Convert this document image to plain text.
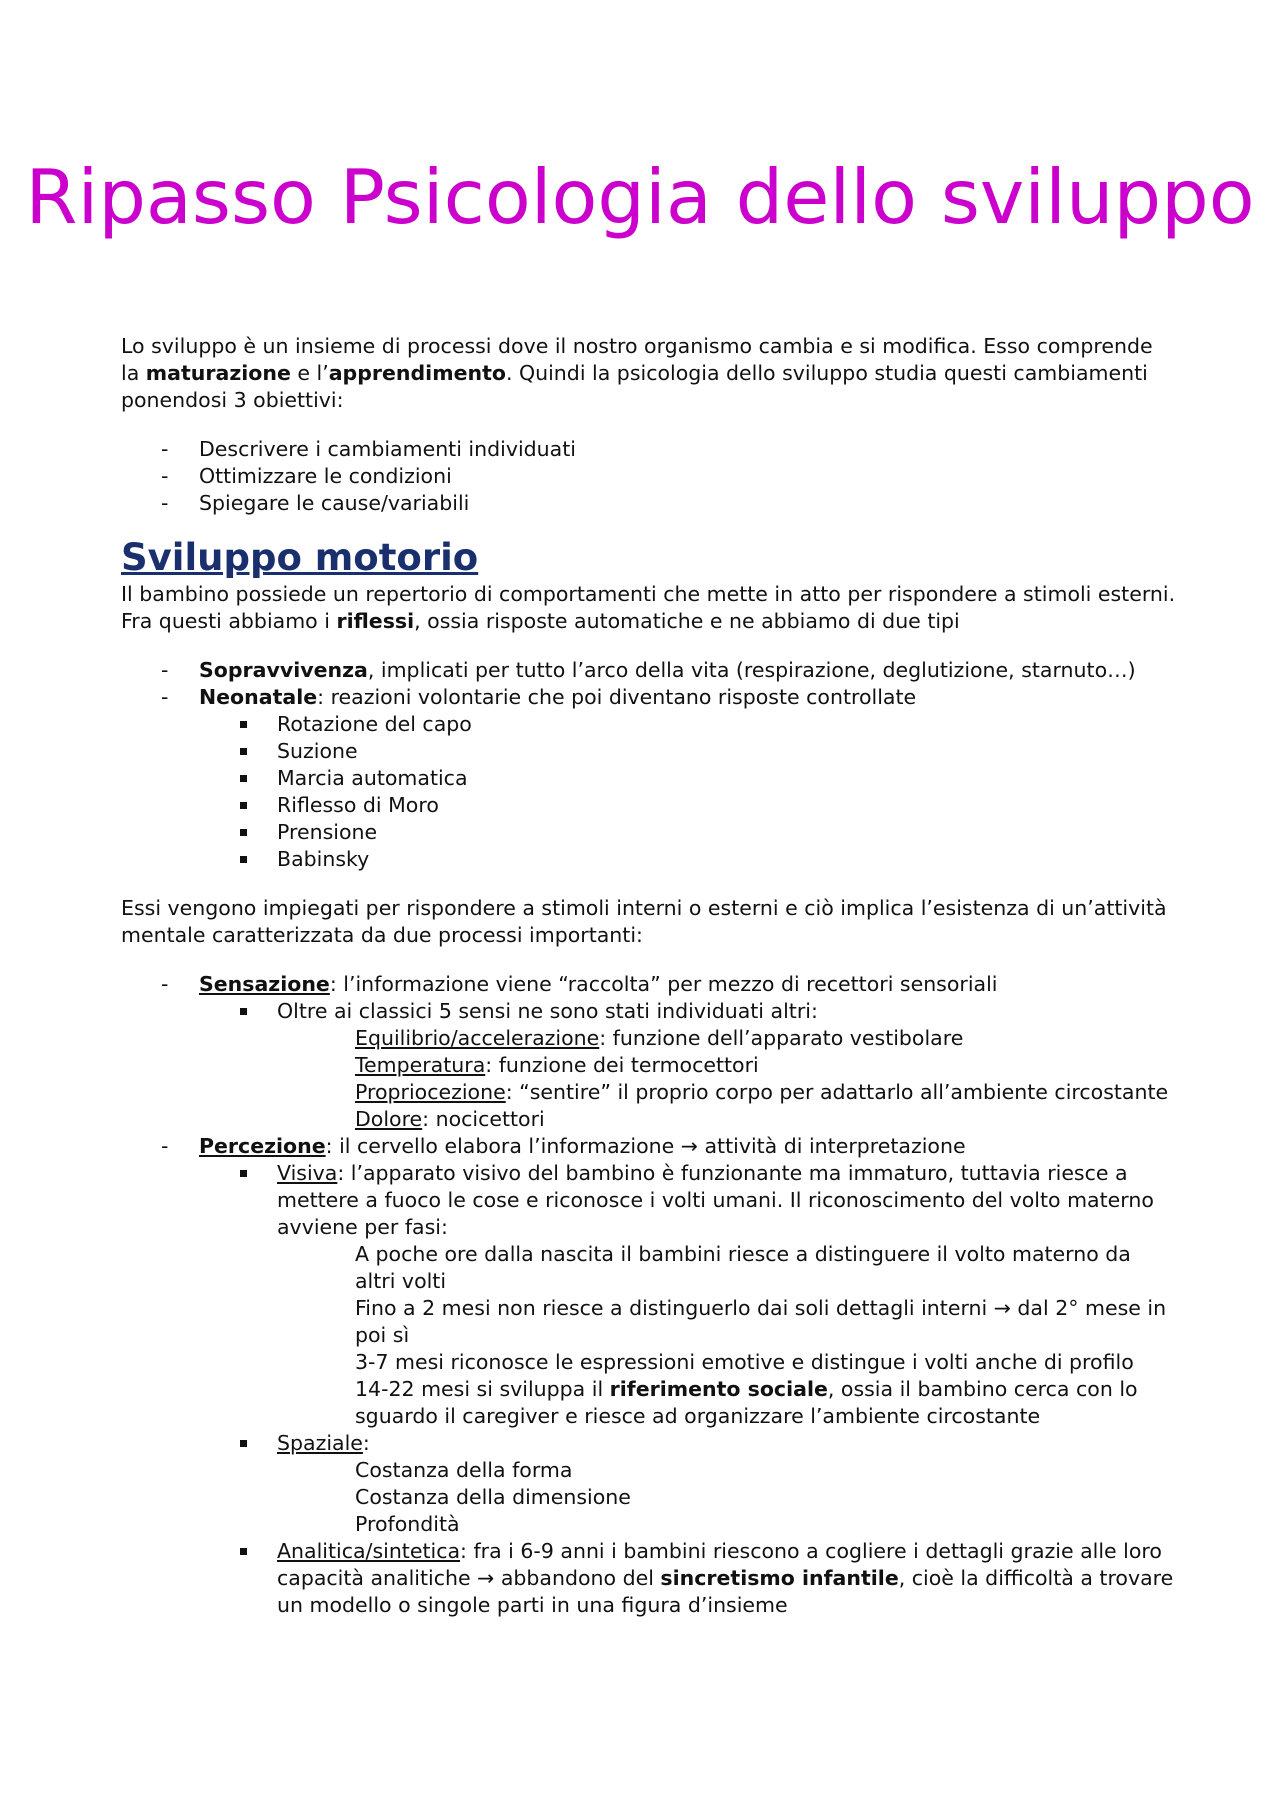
Ripasso Psicologia dello sviluppo

Lo sviluppo è un insieme di processi dove il nostro organismo cambia e si modifica. Esso comprende la maturazione e l’apprendimento. Quindi la psicologia dello sviluppo studia questi cambiamenti ponendosi 3 obiettivi:

- Descrivere i cambiamenti individuati
- Ottimizzare le condizioni
- Spiegare le cause/variabili
Sviluppo motorio

Il bambino possiede un repertorio di comportamenti che mette in atto per rispondere a stimoli esterni. Fra questi abbiamo i riflessi, ossia risposte automatiche e ne abbiamo di due tipi

- Sopravvivenza, implicati per tutto l’arco della vita (respirazione, deglutizione, starnuto…)
- Neonatale: reazioni volontarie che poi diventano risposte controllate
Rotazione del capo
Suzione
Marcia automatica
Riflesso di Moro
Prensione
Babinsky

Essi vengono impiegati per rispondere a stimoli interni o esterni e ciò implica l’esistenza di un’attività mentale caratterizzata da due processi importanti:

- Sensazione: l’informazione viene “raccolta” per mezzo di recettori sensoriali
Oltre ai classici 5 sensi ne sono stati individuati altri:
Equilibrio/accelerazione: funzione dell’apparato vestibolare
Temperatura: funzione dei termocettori
Propriocezione: “sentire” il proprio corpo per adattarlo all’ambiente circostante
Dolore: nocicettori
- Percezione: il cervello elabora l’informazione → attività di interpretazione
Visiva: l’apparato visivo del bambino è funzionante ma immaturo, tuttavia riesce a mettere a fuoco le cose e riconosce i volti umani. Il riconoscimento del volto materno avviene per fasi:
A poche ore dalla nascita il bambini riesce a distinguere il volto materno da altri volti
Fino a 2 mesi non riesce a distinguerlo dai soli dettagli interni → dal 2° mese in poi sì
3-7 mesi riconosce le espressioni emotive e distingue i volti anche di profilo
14-22 mesi si sviluppa il riferimento sociale, ossia il bambino cerca con lo sguardo il caregiver e riesce ad organizzare l’ambiente circostante
Spaziale:
Costanza della forma
Costanza della dimensione
Profondità
Analitica/sintetica: fra i 6-9 anni i bambini riescono a cogliere i dettagli grazie alle loro capacità analitiche → abbandono del sincretismo infantile, cioè la difficoltà a trovare un modello o singole parti in una figura d’insieme
